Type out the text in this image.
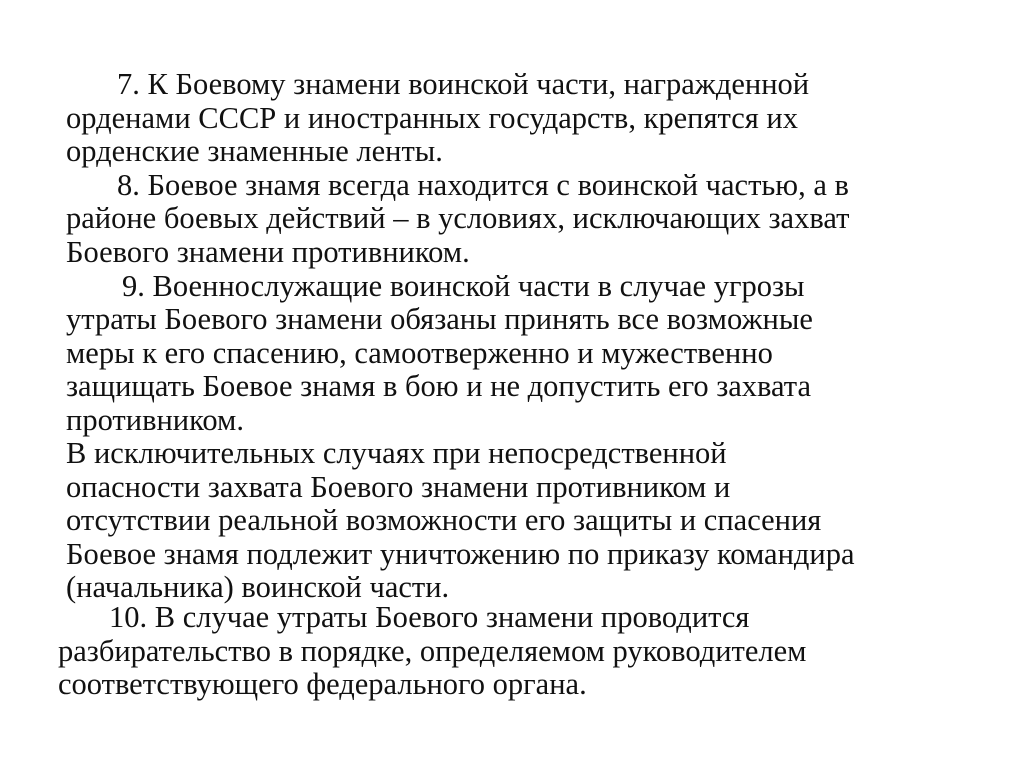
7. К Боевому знамени воинской части, награжденной
орденами СССР и иностранных государств, крепятся их
орденские знаменные ленты.
8. Боевое знамя всегда находится с воинской частью, а в
районе боевых действий – в условиях, исключающих захват
Боевого знамени противником.
9. Военнослужащие воинской части в случае угрозы
утраты Боевого знамени обязаны принять все возможные
меры к его спасению, самоотверженно и мужественно
защищать Боевое знамя в бою и не допустить его захвата
противником.
В исключительных случаях при непосредственной
опасности захвата Боевого знамени противником и
отсутствии реальной возможности его защиты и спасения
Боевое знамя подлежит уничтожению по приказу командира
(начальника) воинской части.
10. В случае утраты Боевого знамени проводится
разбирательство в порядке, определяемом руководителем
соответствующего федерального органа.
